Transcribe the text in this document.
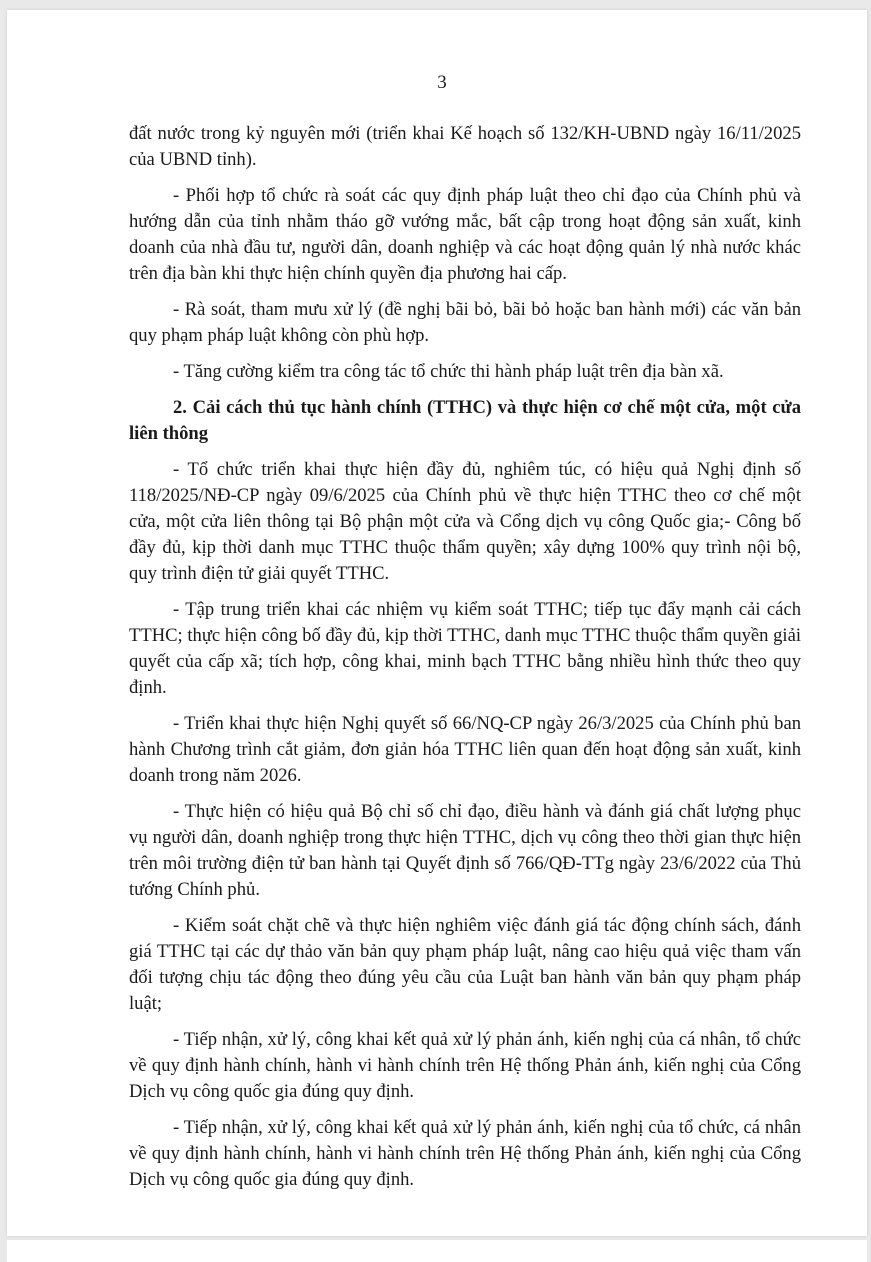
3

đất nước trong kỷ nguyên mới (triển khai Kế hoạch số 132/KH-UBND ngày 16/11/2025 của UBND tỉnh).

- Phối hợp tổ chức rà soát các quy định pháp luật theo chỉ đạo của Chính phủ và hướng dẫn của tỉnh nhằm tháo gỡ vướng mắc, bất cập trong hoạt động sản xuất, kinh doanh của nhà đầu tư, người dân, doanh nghiệp và các hoạt động quản lý nhà nước khác trên địa bàn khi thực hiện chính quyền địa phương hai cấp.

- Rà soát, tham mưu xử lý (đề nghị bãi bỏ, bãi bỏ hoặc ban hành mới) các văn bản quy phạm pháp luật không còn phù hợp.

- Tăng cường kiểm tra công tác tổ chức thi hành pháp luật trên địa bàn xã.

2. Cải cách thủ tục hành chính (TTHC) và thực hiện cơ chế một cửa, một cửa liên thông

- Tổ chức triển khai thực hiện đầy đủ, nghiêm túc, có hiệu quả Nghị định số 118/2025/NĐ-CP ngày 09/6/2025 của Chính phủ về thực hiện TTHC theo cơ chế một cửa, một cửa liên thông tại Bộ phận một cửa và Cổng dịch vụ công Quốc gia;- Công bố đầy đủ, kịp thời danh mục TTHC thuộc thẩm quyền; xây dựng 100% quy trình nội bộ, quy trình điện tử giải quyết TTHC.

- Tập trung triển khai các nhiệm vụ kiểm soát TTHC; tiếp tục đẩy mạnh cải cách TTHC; thực hiện công bố đầy đủ, kịp thời TTHC, danh mục TTHC thuộc thẩm quyền giải quyết của cấp xã; tích hợp, công khai, minh bạch TTHC bằng nhiều hình thức theo quy định.

- Triển khai thực hiện Nghị quyết số 66/NQ-CP ngày 26/3/2025 của Chính phủ ban hành Chương trình cắt giảm, đơn giản hóa TTHC liên quan đến hoạt động sản xuất, kinh doanh trong năm 2026.

- Thực hiện có hiệu quả Bộ chỉ số chỉ đạo, điều hành và đánh giá chất lượng phục vụ người dân, doanh nghiệp trong thực hiện TTHC, dịch vụ công theo thời gian thực hiện trên môi trường điện tử ban hành tại Quyết định số 766/QĐ-TTg ngày 23/6/2022 của Thủ tướng Chính phủ.

- Kiểm soát chặt chẽ và thực hiện nghiêm việc đánh giá tác động chính sách, đánh giá TTHC tại các dự thảo văn bản quy phạm pháp luật, nâng cao hiệu quả việc tham vấn đối tượng chịu tác động theo đúng yêu cầu của Luật ban hành văn bản quy phạm pháp luật;

- Tiếp nhận, xử lý, công khai kết quả xử lý phản ánh, kiến nghị của cá nhân, tổ chức về quy định hành chính, hành vi hành chính trên Hệ thống Phản ánh, kiến nghị của Cổng Dịch vụ công quốc gia đúng quy định.

- Tiếp nhận, xử lý, công khai kết quả xử lý phản ánh, kiến nghị của tổ chức, cá nhân về quy định hành chính, hành vi hành chính trên Hệ thống Phản ánh, kiến nghị của Cổng Dịch vụ công quốc gia đúng quy định.
